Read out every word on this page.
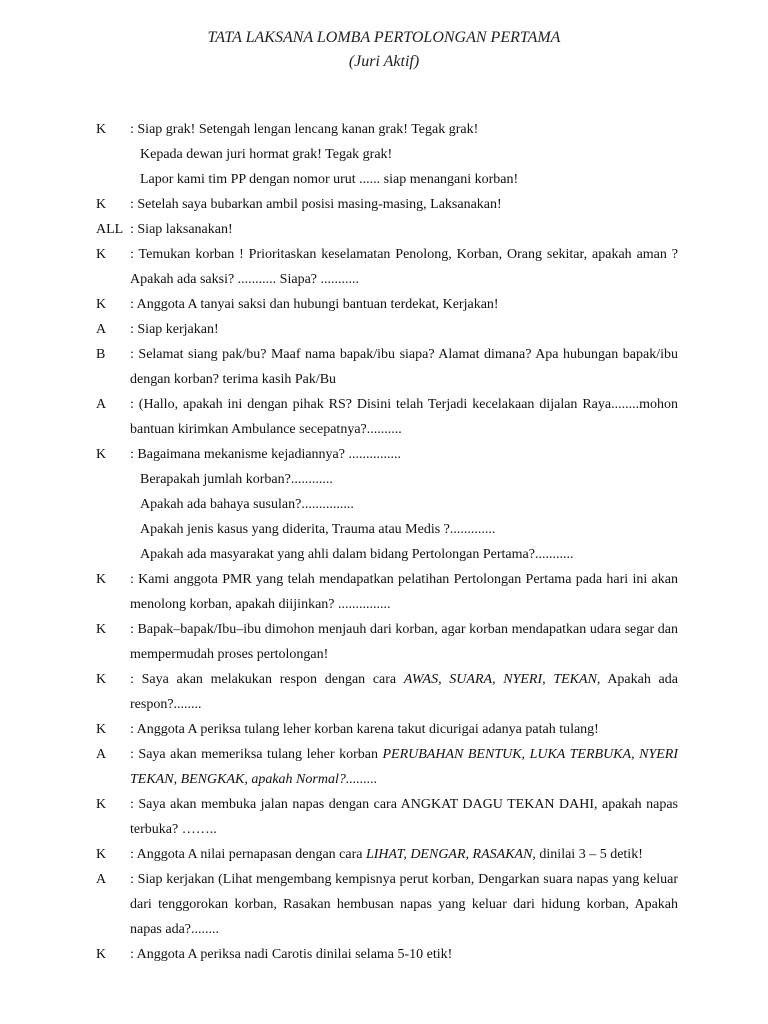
TATA LAKSANA LOMBA PERTOLONGAN PERTAMA
(Juri Aktif)
K	: Siap grak! Setengah lengan lencang kanan grak! Tegak grak!
Kepada dewan juri hormat grak! Tegak grak!
Lapor kami tim PP dengan nomor urut ...... siap menangani korban!
K	: Setelah saya bubarkan ambil posisi masing-masing, Laksanakan!
ALL : Siap laksanakan!
K	: Temukan korban ! Prioritaskan keselamatan Penolong, Korban, Orang sekitar, apakah aman ? Apakah ada saksi? ........... Siapa? ...........
K	: Anggota A tanyai saksi dan hubungi bantuan terdekat, Kerjakan!
A	: Siap kerjakan!
B	: Selamat siang pak/bu? Maaf nama bapak/ibu siapa? Alamat dimana? Apa hubungan bapak/ibu dengan korban? terima kasih Pak/Bu
A	: (Hallo, apakah ini dengan pihak RS? Disini telah Terjadi kecelakaan dijalan Raya........mohon bantuan kirimkan Ambulance secepatnya?..........
K	: Bagaimana mekanisme kejadiannya? ...............
Berapakah jumlah korban?............
Apakah ada bahaya susulan?...............
Apakah jenis kasus yang diderita, Trauma atau Medis ?.............
Apakah ada masyarakat yang ahli dalam bidang Pertolongan Pertama?...........
K	: Kami anggota PMR yang telah mendapatkan pelatihan Pertolongan Pertama pada hari ini akan menolong korban, apakah diijinkan? ...............
K	: Bapak–bapak/Ibu–ibu dimohon menjauh dari korban, agar korban mendapatkan udara segar dan mempermudah proses pertolongan!
K	: Saya akan melakukan respon dengan cara AWAS, SUARA, NYERI, TEKAN, Apakah ada respon?........
K	: Anggota A periksa tulang leher korban karena takut dicurigai adanya patah tulang!
A	: Saya akan memeriksa tulang leher korban PERUBAHAN BENTUK, LUKA TERBUKA, NYERI TEKAN, BENGKAK, apakah Normal?.........
K	: Saya akan membuka jalan napas dengan cara ANGKAT DAGU TEKAN DAHI, apakah napas terbuka? ……..
K	: Anggota A nilai pernapasan dengan cara LIHAT, DENGAR, RASAKAN, dinilai 3 – 5 detik!
A	: Siap kerjakan (Lihat mengembang kempisnya perut korban, Dengarkan suara napas yang keluar dari tenggorokan korban, Rasakan hembusan napas yang keluar dari hidung korban, Apakah napas ada?........
K	: Anggota A periksa nadi Carotis dinilai selama 5-10 etik!
